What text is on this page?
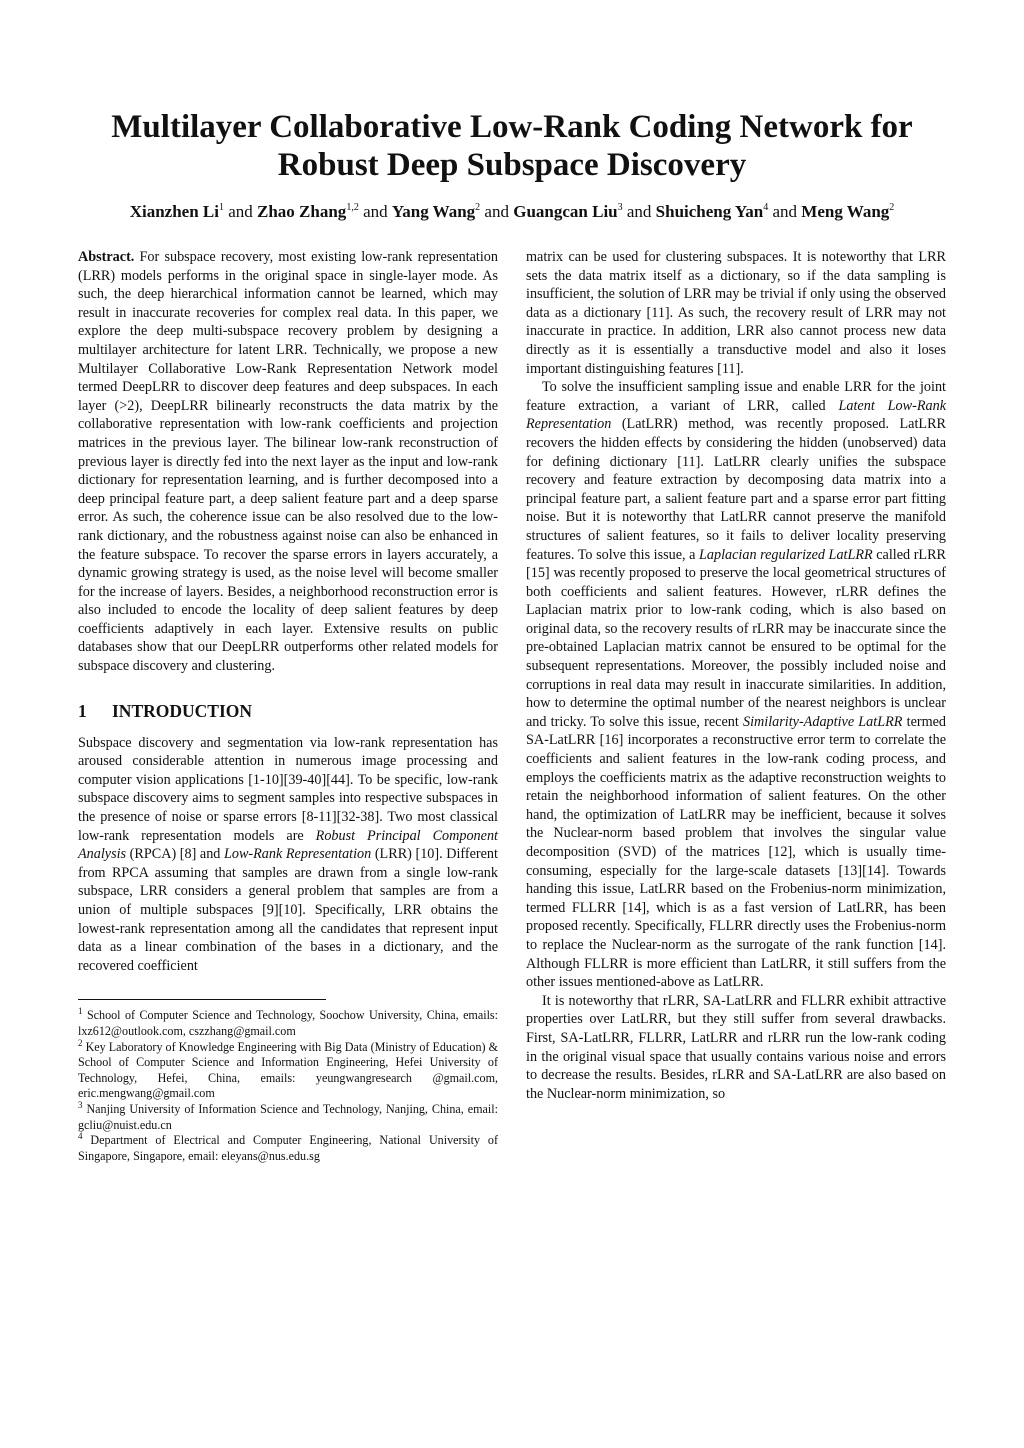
Multilayer Collaborative Low-Rank Coding Network for
Robust Deep Subspace Discovery
Xianzhen Li$^1$ and Zhao Zhang$^{1,2}$ and Yang Wang$^2$ and Guangcan Liu$^3$ and Shuicheng Yan$^4$ and Meng Wang$^2$

Abstract. For subspace recovery, most existing low-rank representation (LRR) models performs in the original space in single-layer mode. As such, the deep hierarchical information cannot be learned, which may result in inaccurate recoveries for complex real data. In this paper, we explore the deep multi-subspace recovery problem by designing a multilayer architecture for latent LRR. Technically, we propose a new Multilayer Collaborative Low-Rank Representation Network model termed DeepLRR to discover deep features and deep subspaces. In each layer (>2), DeepLRR bilinearly reconstructs the data matrix by the collaborative representation with low-rank coefficients and projection matrices in the previous layer. The bilinear low-rank reconstruction of previous layer is directly fed into the next layer as the input and low-rank dictionary for representation learning, and is further decomposed into a deep principal feature part, a deep salient feature part and a deep sparse error. As such, the coherence issue can be also resolved due to the low-rank dictionary, and the robustness against noise can also be enhanced in the feature subspace. To recover the sparse errors in layers accurately, a dynamic growing strategy is used, as the noise level will become smaller for the increase of layers. Besides, a neighborhood reconstruction error is also included to encode the locality of deep salient features by deep coefficients adaptively in each layer. Extensive results on public databases show that our DeepLRR outperforms other related models for subspace discovery and clustering.

1 INTRODUCTION

Subspace discovery and segmentation via low-rank representation has aroused considerable attention in numerous image processing and computer vision applications [1-10][39-40][44]. To be specific, low-rank subspace discovery aims to segment samples into respective subspaces in the presence of noise or sparse errors [8-11][32-38]. Two most classical low-rank representation models are Robust Principal Component Analysis (RPCA) [8] and Low-Rank Representation (LRR) [10]. Different from RPCA assuming that samples are drawn from a single low-rank subspace, LRR considers a general problem that samples are from a union of multiple subspaces [9][10]. Specifically, LRR obtains the lowest-rank representation among all the candidates that represent input data as a linear combination of the bases in a dictionary, and the recovered coefficient

$^1$ School of Computer Science and Technology, Soochow University, China, emails: lxz612@outlook.com, cszzhang@gmail.com

$^2$ Key Laboratory of Knowledge Engineering with Big Data (Ministry of Education) & School of Computer Science and Information Engineering, Hefei University of Technology, Hefei, China, emails: yeungwangresearch @gmail.com, eric.mengwang@gmail.com

$^3$ Nanjing University of Information Science and Technology, Nanjing, China, email: gcliu@nuist.edu.cn

$^4$ Department of Electrical and Computer Engineering, National University of Singapore, Singapore, email: eleyans@nus.edu.sg

matrix can be used for clustering subspaces. It is noteworthy that LRR sets the data matrix itself as a dictionary, so if the data sampling is insufficient, the solution of LRR may be trivial if only using the observed data as a dictionary [11]. As such, the recovery result of LRR may not inaccurate in practice. In addition, LRR also cannot process new data directly as it is essentially a transductive model and also it loses important distinguishing features [11].

To solve the insufficient sampling issue and enable LRR for the joint feature extraction, a variant of LRR, called Latent Low-Rank Representation (LatLRR) method, was recently proposed. LatLRR recovers the hidden effects by considering the hidden (unobserved) data for defining dictionary [11]. LatLRR clearly unifies the subspace recovery and feature extraction by decomposing data matrix into a principal feature part, a salient feature part and a sparse error part fitting noise. But it is noteworthy that LatLRR cannot preserve the manifold structures of salient features, so it fails to deliver locality preserving features. To solve this issue, a Laplacian regularized LatLRR called rLRR [15] was recently proposed to preserve the local geometrical structures of both coefficients and salient features. However, rLRR defines the Laplacian matrix prior to low-rank coding, which is also based on original data, so the recovery results of rLRR may be inaccurate since the pre-obtained Laplacian matrix cannot be ensured to be optimal for the subsequent representations. Moreover, the possibly included noise and corruptions in real data may result in inaccurate similarities. In addition, how to determine the optimal number of the nearest neighbors is unclear and tricky. To solve this issue, recent Similarity-Adaptive LatLRR termed SA-LatLRR [16] incorporates a reconstructive error term to correlate the coefficients and salient features in the low-rank coding process, and employs the coefficients matrix as the adaptive reconstruction weights to retain the neighborhood information of salient features. On the other hand, the optimization of LatLRR may be inefficient, because it solves the Nuclear-norm based problem that involves the singular value decomposition (SVD) of the matrices [12], which is usually time-consuming, especially for the large-scale datasets [13][14]. Towards handing this issue, LatLRR based on the Frobenius-norm minimization, termed FLLRR [14], which is as a fast version of LatLRR, has been proposed recently. Specifically, FLLRR directly uses the Frobenius-norm to replace the Nuclear-norm as the surrogate of the rank function [14]. Although FLLRR is more efficient than LatLRR, it still suffers from the other issues mentioned-above as LatLRR.

It is noteworthy that rLRR, SA-LatLRR and FLLRR exhibit attractive properties over LatLRR, but they still suffer from several drawbacks. First, SA-LatLRR, FLLRR, LatLRR and rLRR run the low-rank coding in the original visual space that usually contains various noise and errors to decrease the results. Besides, rLRR and SA-LatLRR are also based on the Nuclear-norm minimization, so
